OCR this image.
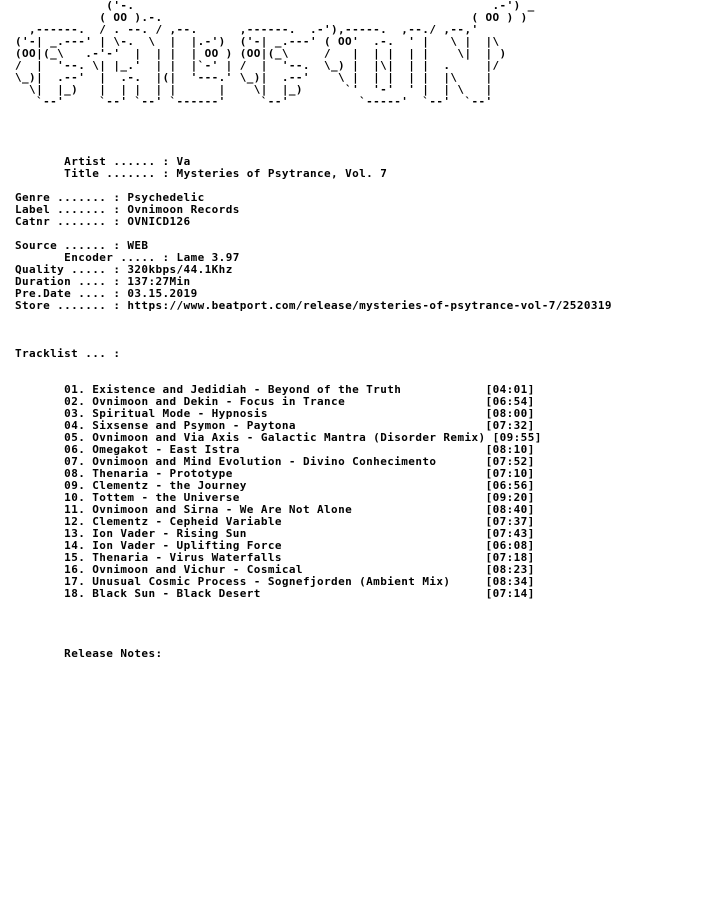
('-.                                                   .-') _
( OO ).-.                                            ( OO ) )
,------.  / . --. / ,--.      ,------.  .-'),-----.  ,--./ ,--,'
('-| _.---' | \-.  \  |  |.-')  ('-| _.---' ( OO'  .-.  ' |   \ |  |\
(OO|(_\   .-'-'  |  | |  | OO ) (OO|(_\     /   |  | |  | |    \|  | )
/  |  '--. \| |_.'  | |  |`-' | /  |  '--.  \_) |  |\|  | |  .     |/
\_)|  .--'  |  .-.  |(|  '---.' \_)|  .--'    \ |  | |  | |  |\    |
\|  |_)   |  | |  | |      |    \|  |_)      `'  '-'  ' |  | \   |
`--'     `--' `--' `------'     `--'          `-----'  `--'  `--'

Artist ...... : Va
Title ....... : Mysteries of Psytrance, Vol. 7

Genre ....... : Psychedelic
Label ....... : Ovnimoon Records
Catnr ....... : OVNICD126

Source ...... : WEB
Encoder ..... : Lame 3.97
Quality ..... : 320kbps/44.1Khz
Duration .... : 137:27Min
Pre.Date .... : 03.15.2019
Store ....... : https://www.beatport.com/release/mysteries-of-psytrance-vol-7/2520319

Tracklist ... :

01. Existence and Jedidiah - Beyond of the Truth	[04:01]
02. Ovnimoon and Dekin - Focus in Trance	[06:54]
03. Spiritual Mode - Hypnosis	[08:00]
04. Sixsense and Psymon - Paytona	[07:32]
05. Ovnimoon and Via Axis - Galactic Mantra (Disorder Remix) [09:55]
06. Omegakot - East Istra	[08:10]
07. Ovnimoon and Mind Evolution - Divino Conhecimento	[07:52]
08. Thenaria - Prototype	[07:10]
09. Clementz - the Journey	[06:56]
10. Tottem - the Universe	[09:20]
11. Ovnimoon and Sirna - We Are Not Alone	[08:40]
12. Clementz - Cepheid Variable	[07:37]
13. Ion Vader - Rising Sun	[07:43]
14. Ion Vader - Uplifting Force	[06:08]
15. Thenaria - Virus Waterfalls	[07:18]
16. Ovnimoon and Vichur - Cosmical	[08:23]
17. Unusual Cosmic Process - Sognefjorden (Ambient Mix)	[08:34]
18. Black Sun - Black Desert	[07:14]

Release Notes:
